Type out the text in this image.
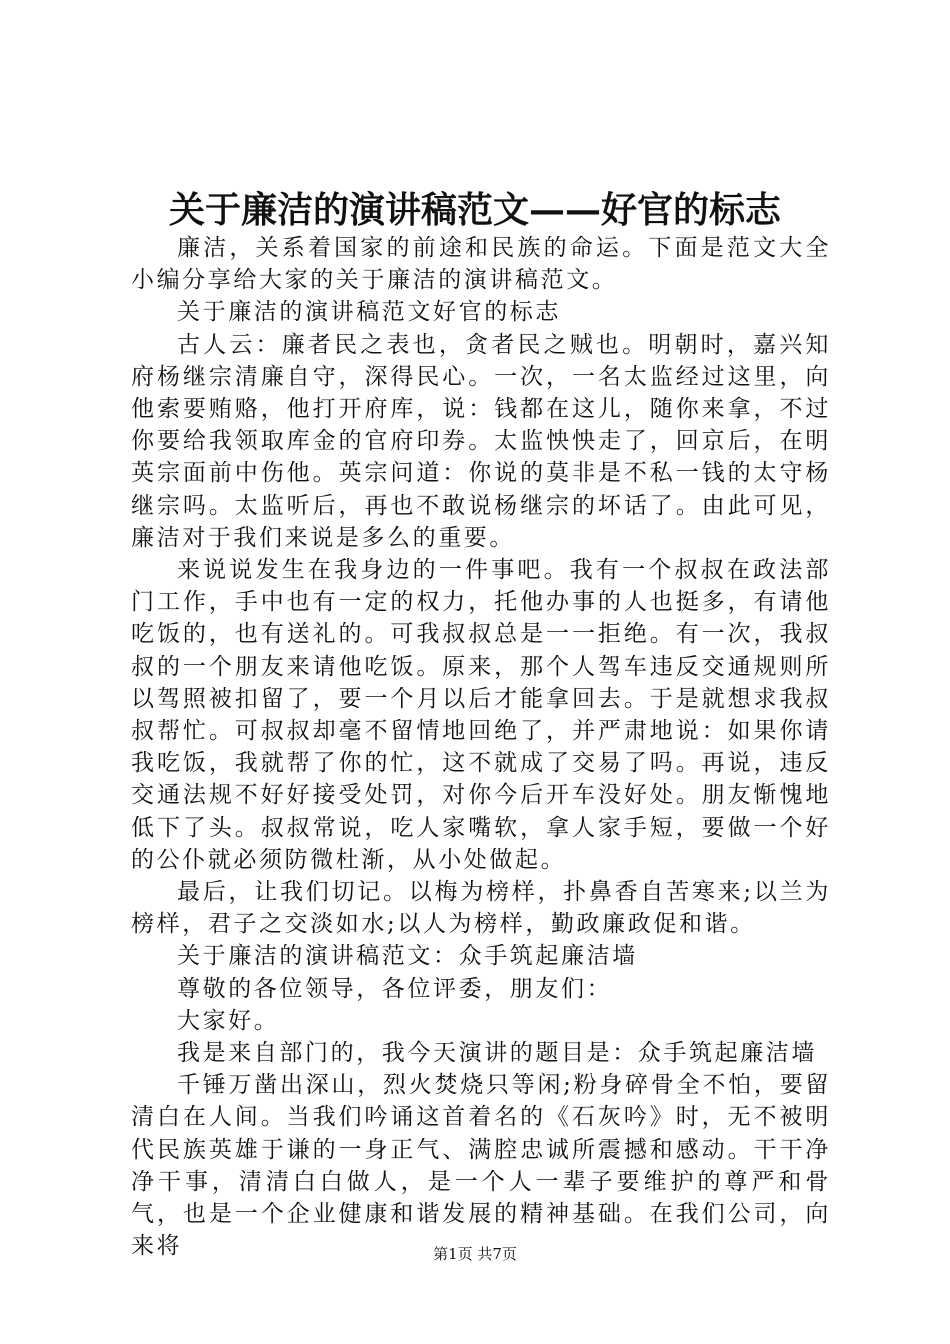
关于廉洁的演讲稿范文——好官的标志

廉洁，关系着国家的前途和民族的命运。下面是范文大全小编分享给大家的关于廉洁的演讲稿范文。

关于廉洁的演讲稿范文好官的标志

古人云：廉者民之表也，贪者民之贼也。明朝时，嘉兴知府杨继宗清廉自守，深得民心。一次，一名太监经过这里，向他索要贿赂，他打开府库，说：钱都在这儿，随你来拿，不过你要给我领取库金的官府印券。太监怏怏走了，回京后，在明英宗面前中伤他。英宗问道：你说的莫非是不私一钱的太守杨继宗吗。太监听后，再也不敢说杨继宗的坏话了。由此可见，廉洁对于我们来说是多么的重要。

来说说发生在我身边的一件事吧。我有一个叔叔在政法部门工作，手中也有一定的权力，托他办事的人也挺多，有请他吃饭的，也有送礼的。可我叔叔总是一一拒绝。有一次，我叔叔的一个朋友来请他吃饭。原来，那个人驾车违反交通规则所以驾照被扣留了，要一个月以后才能拿回去。于是就想求我叔叔帮忙。可叔叔却毫不留情地回绝了，并严肃地说：如果你请我吃饭，我就帮了你的忙，这不就成了交易了吗。再说，违反交通法规不好好接受处罚，对你今后开车没好处。朋友惭愧地低下了头。叔叔常说，吃人家嘴软，拿人家手短，要做一个好的公仆就必须防微杜渐，从小处做起。

最后，让我们切记。以梅为榜样，扑鼻香自苦寒来;以兰为榜样，君子之交淡如水;以人为榜样，勤政廉政促和谐。

关于廉洁的演讲稿范文：众手筑起廉洁墙

尊敬的各位领导，各位评委，朋友们：

大家好。

我是来自部门的，我今天演讲的题目是：众手筑起廉洁墙

千锤万凿出深山，烈火焚烧只等闲;粉身碎骨全不怕，要留清白在人间。当我们吟诵这首着名的《石灰吟》时，无不被明代民族英雄于谦的一身正气、满腔忠诚所震撼和感动。干干净净干事，清清白白做人，是一个人一辈子要维护的尊严和骨气，也是一个企业健康和谐发展的精神基础。在我们公司，向来将	第1页 共7页
